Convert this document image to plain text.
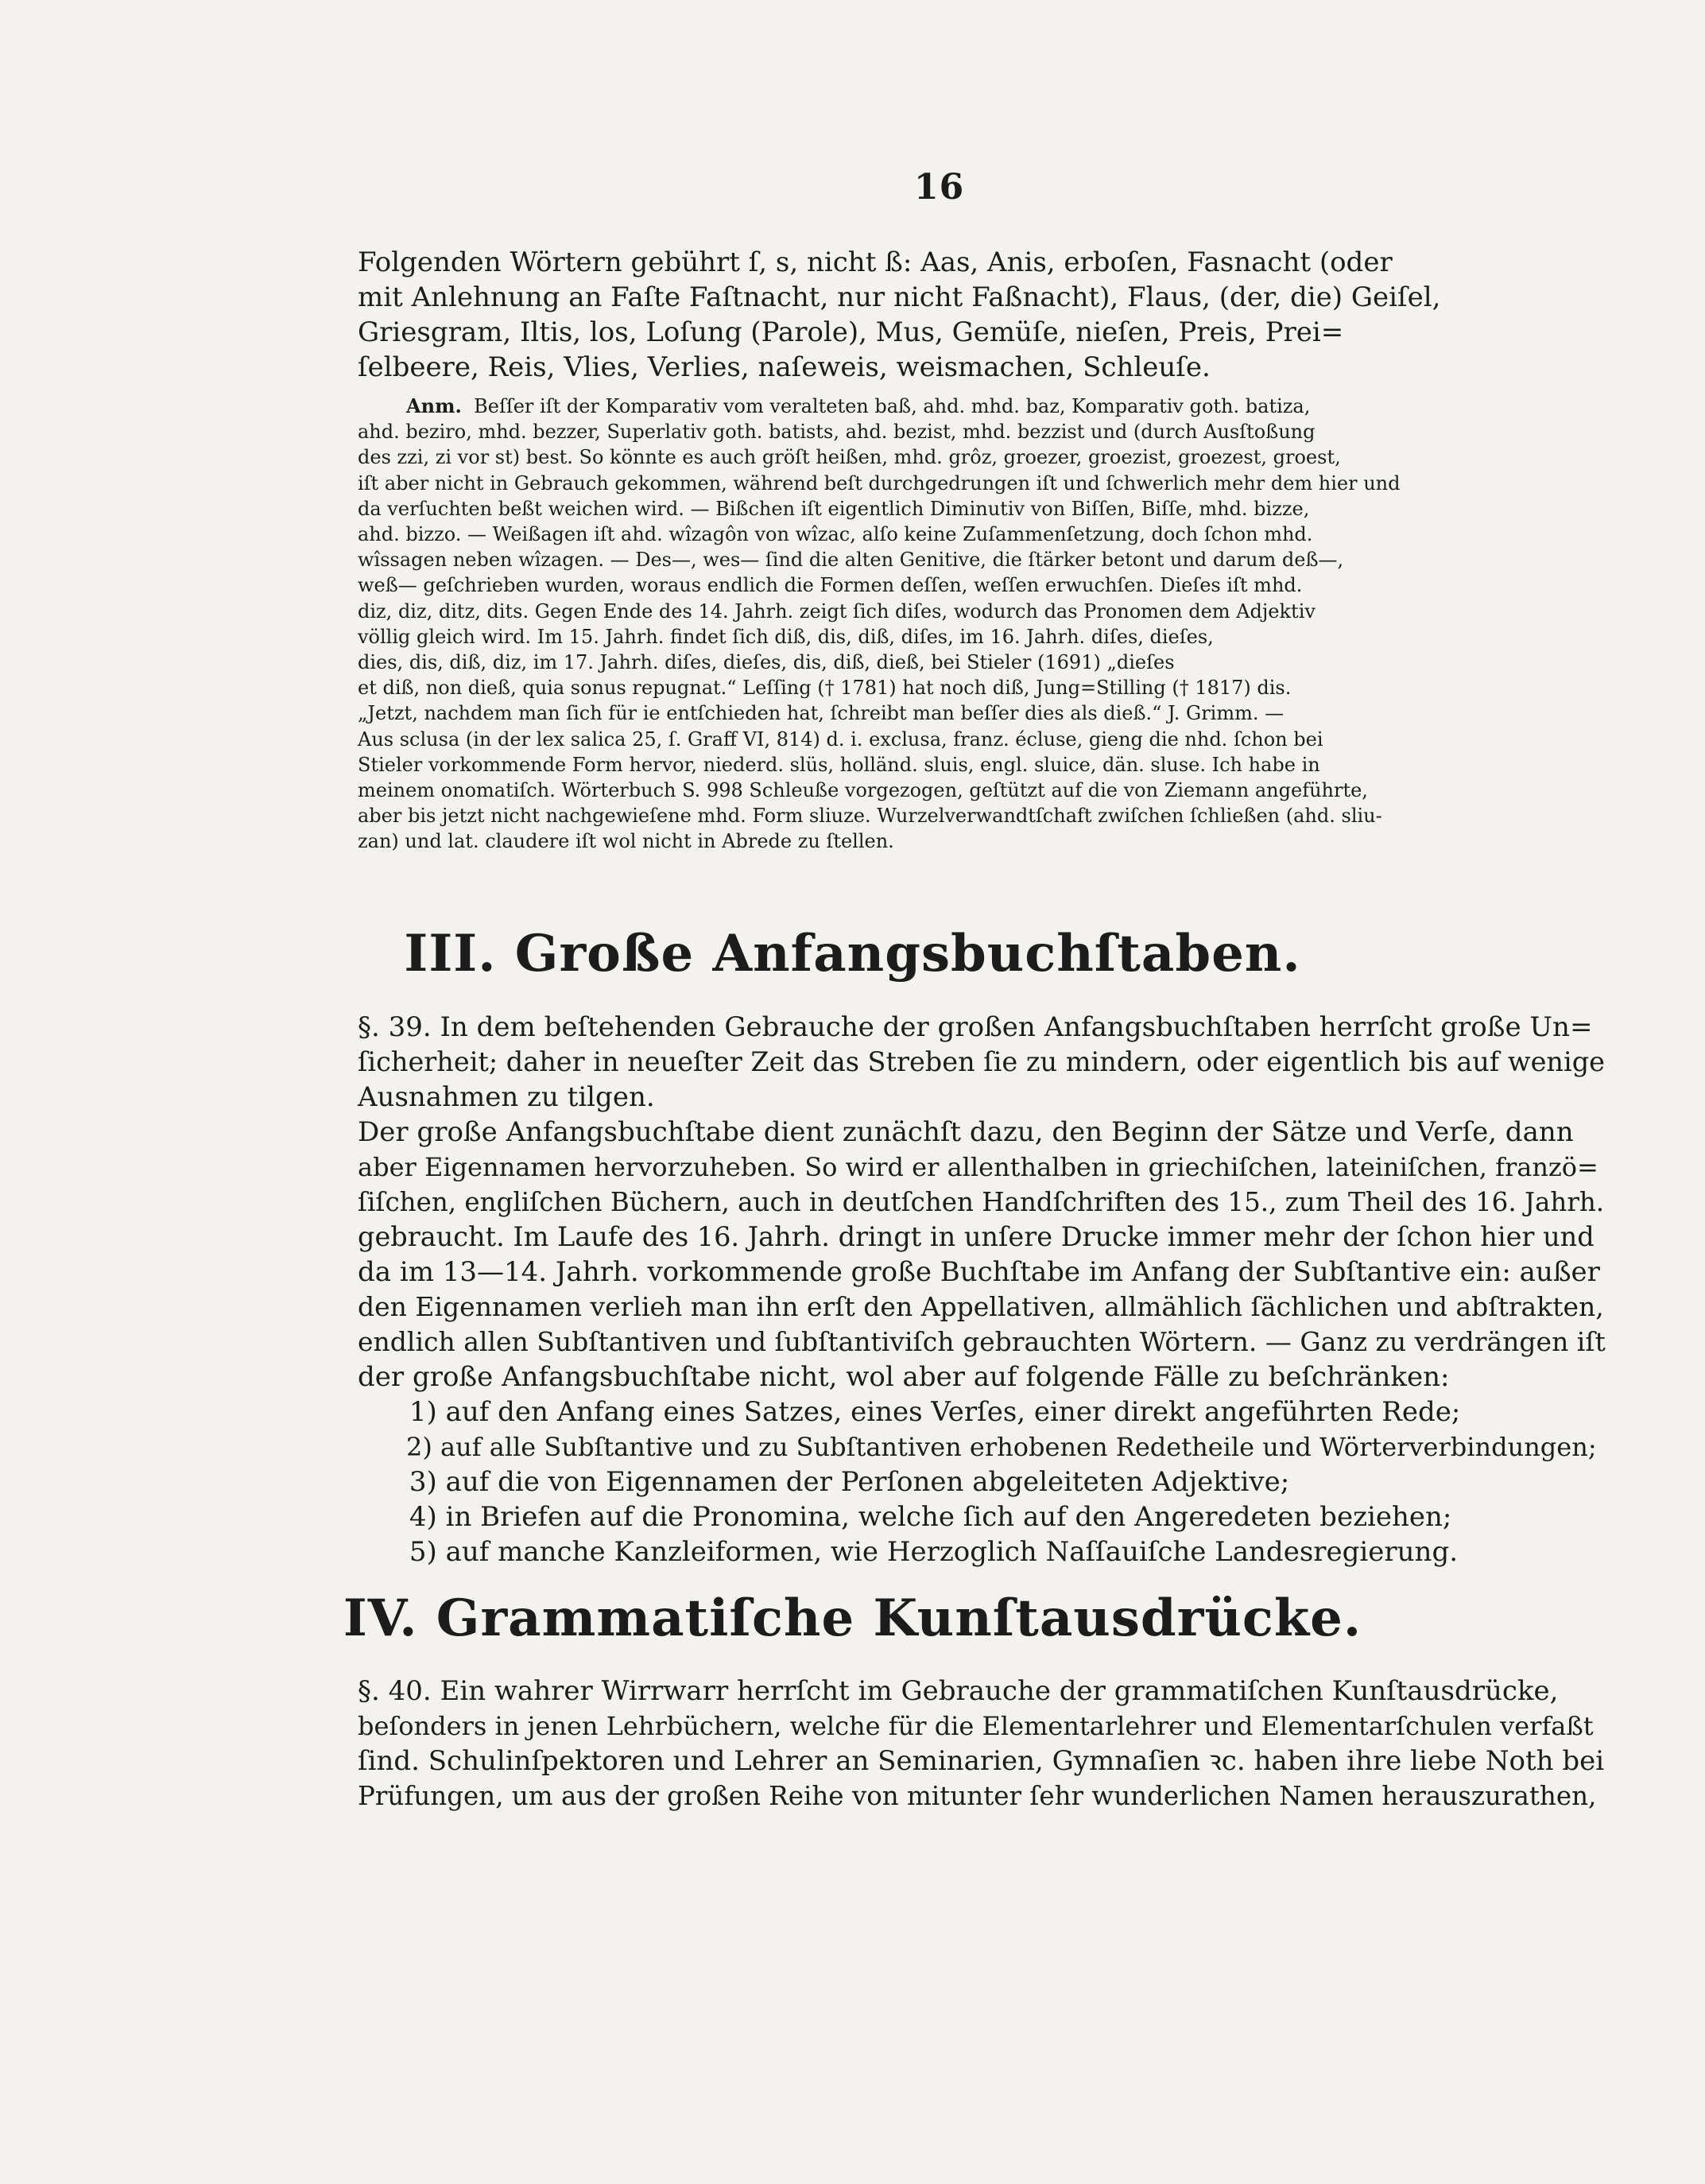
16
Folgenden Wörtern gebührt ſ, s, nicht ß: Aas, Anis, erboſen, Fasnacht (oder
mit Anlehnung an Faſte Faſtnacht, nur nicht Faßnacht), Flaus, (der, die) Geiſel,
Griesgram, Iltis, los, Loſung (Parole), Mus, Gemüſe, nieſen, Preis, Prei=
ſelbeere, Reis, Vlies, Verlies, naſeweis, weismachen, Schleuſe.
Anm. Beſſer iſt der Komparativ vom veralteten baß, ahd. mhd. baz, Komparativ goth. batiza,
ahd. beziro, mhd. bezzer, Superlativ goth. batists, ahd. bezist, mhd. bezzist und (durch Ausſtoßung
des zzi, zi vor st) best. So könnte es auch gröſt heißen, mhd. grôz, groezer, groezist, groezest, groest,
iſt aber nicht in Gebrauch gekommen, während beſt durchgedrungen iſt und ſchwerlich mehr dem hier und
da verſuchten beßt weichen wird. — Bißchen iſt eigentlich Diminutiv von Biſſen, Biſſe, mhd. bizze,
ahd. bizzo. — Weißagen iſt ahd. wîzagôn von wîzac, alſo keine Zuſammenſetzung, doch ſchon mhd.
wîssagen neben wîzagen. — Des—, wes— ſind die alten Genitive, die ſtärker betont und darum deß—,
weß— geſchrieben wurden, woraus endlich die Formen deſſen, weſſen erwuchſen. Dieſes iſt mhd.
diz, diz, ditz, dits. Gegen Ende des 14. Jahrh. zeigt ſich diſes, wodurch das Pronomen dem Adjektiv
völlig gleich wird. Im 15. Jahrh. findet ſich diß, dis, diß, diſes, im 16. Jahrh. diſes, dieſes,
dies, dis, diß, diz, im 17. Jahrh. diſes, dieſes, dis, diß, dieß, bei Stieler (1691) „dieſes
et diß, non dieß, quia sonus repugnat.“ Leſſing († 1781) hat noch diß, Jung=Stilling († 1817) dis.
„Jetzt, nachdem man ſich für ie entſchieden hat, ſchreibt man beſſer dies als dieß.“ J. Grimm. —
Aus sclusa (in der lex salica 25, ſ. Graff VI, 814) d. i. exclusa, franz. écluse, gieng die nhd. ſchon bei
Stieler vorkommende Form hervor, niederd. slüs, holländ. sluis, engl. sluice, dän. sluse. Ich habe in
meinem onomatiſch. Wörterbuch S. 998 Schleuße vorgezogen, geſtützt auf die von Ziemann angeführte,
aber bis jetzt nicht nachgewieſene mhd. Form sliuze. Wurzelverwandtſchaft zwiſchen ſchließen (ahd. sliu-
zan) und lat. claudere iſt wol nicht in Abrede zu ſtellen.
III. Große Anfangsbuchſtaben.
§. 39. In dem beſtehenden Gebrauche der großen Anfangsbuchſtaben herrſcht große Un=
ſicherheit; daher in neueſter Zeit das Streben ſie zu mindern, oder eigentlich bis auf wenige
Ausnahmen zu tilgen.
Der große Anfangsbuchſtabe dient zunächſt dazu, den Beginn der Sätze und Verſe, dann
aber Eigennamen hervorzuheben. So wird er allenthalben in griechiſchen, lateiniſchen, franzö=
ſiſchen, engliſchen Büchern, auch in deutſchen Handſchriften des 15., zum Theil des 16. Jahrh.
gebraucht. Im Laufe des 16. Jahrh. dringt in unſere Drucke immer mehr der ſchon hier und
da im 13—14. Jahrh. vorkommende große Buchſtabe im Anfang der Subſtantive ein: außer
den Eigennamen verlieh man ihn erſt den Appellativen, allmählich ſächlichen und abſtrakten,
endlich allen Subſtantiven und ſubſtantiviſch gebrauchten Wörtern. — Ganz zu verdrängen iſt
der große Anfangsbuchſtabe nicht, wol aber auf folgende Fälle zu beſchränken:
1) auf den Anfang eines Satzes, eines Verſes, einer direkt angeführten Rede;
2) auf alle Subſtantive und zu Subſtantiven erhobenen Redetheile und Wörterverbindungen;
3) auf die von Eigennamen der Perſonen abgeleiteten Adjektive;
4) in Briefen auf die Pronomina, welche ſich auf den Angeredeten beziehen;
5) auf manche Kanzleiformen, wie Herzoglich Naſſauiſche Landesregierung.
IV. Grammatiſche Kunſtausdrücke.
§. 40. Ein wahrer Wirrwarr herrſcht im Gebrauche der grammatiſchen Kunſtausdrücke,
beſonders in jenen Lehrbüchern, welche für die Elementarlehrer und Elementarſchulen verfaßt
ſind. Schulinſpektoren und Lehrer an Seminarien, Gymnaſien ꝛc. haben ihre liebe Noth bei
Prüfungen, um aus der großen Reihe von mitunter ſehr wunderlichen Namen herauszurathen,
